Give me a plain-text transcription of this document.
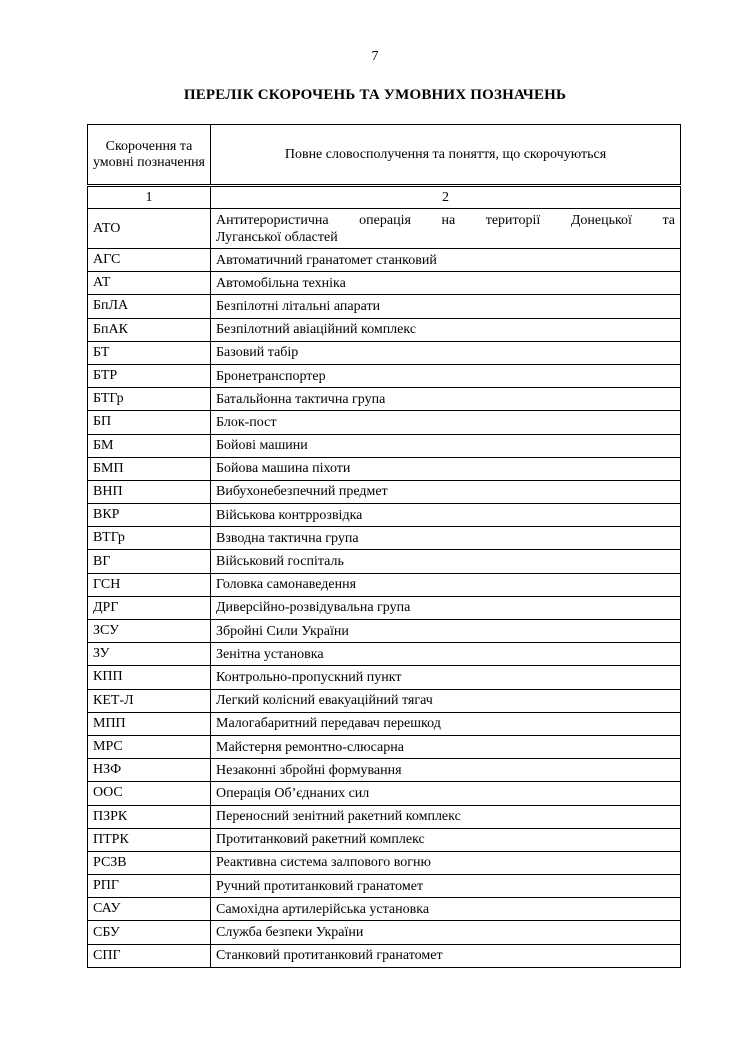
7
ПЕРЕЛІК СКОРОЧЕНЬ ТА УМОВНИХ ПОЗНАЧЕНЬ
Скорочення та умовні позначення	Повне словосполучення та поняття, що скорочуються
1	2
АТО	Антитерористична операція на території Донецької та
Луганської областей

АГС	Автоматичний гранатомет станковий
АТ	Автомобільна техніка
БпЛА	Безпілотні літальні апарати
БпАК	Безпілотний авіаційний комплекс
БТ	Базовий табір
БТР	Бронетранспортер
БТГр	Батальйонна тактична група
БП	Блок-пост
БМ	Бойові машини
БМП	Бойова машина піхоти
ВНП	Вибухонебезпечний предмет
ВКР	Військова контррозвідка
ВТГр	Взводна тактична група
ВГ	Військовий госпіталь
ГСН	Головка самонаведення
ДРГ	Диверсійно-розвідувальна група
ЗСУ	Збройні Сили України
ЗУ	Зенітна установка
КПП	Контрольно-пропускний пункт
КЕТ-Л	Легкий колісний евакуаційний тягач
МПП	Малогабаритний передавач перешкод
МРС	Майстерня ремонтно-слюсарна
НЗФ	Незаконні збройні формування
ООС	Операція Об’єднаних сил
ПЗРК	Переносний зенітний ракетний комплекс
ПТРК	Протитанковий ракетний комплекс
РСЗВ	Реактивна система залпового вогню
РПГ	Ручний протитанковий гранатомет
САУ	Самохідна артилерійська установка
СБУ	Служба безпеки України
СПГ	Станковий протитанковий гранатомет
